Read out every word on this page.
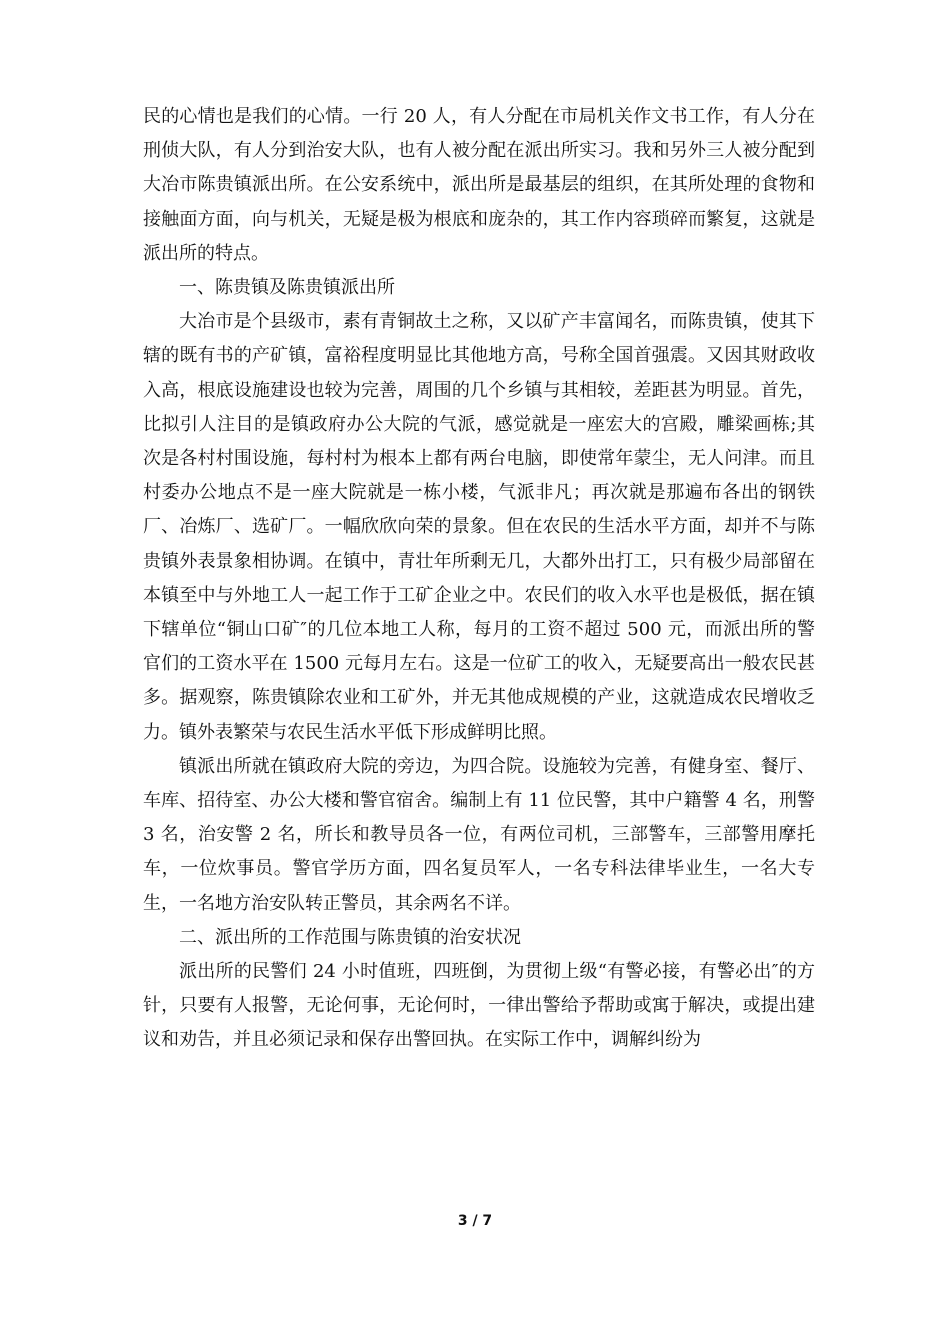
民的心情也是我们的心情。一行 20 人，有人分配在市局机关作文书工作，有人分在刑侦大队，有人分到治安大队，也有人被分配在派出所实习。我和另外三人被分配到大冶市陈贵镇派出所。在公安系统中，派出所是最基层的组织，在其所处理的食物和接触面方面，向与机关，无疑是极为根底和庞杂的，其工作内容琐碎而繁复，这就是派出所的特点。

一、陈贵镇及陈贵镇派出所

大冶市是个县级市，素有青铜故土之称，又以矿产丰富闻名，而陈贵镇，使其下辖的既有书的产矿镇，富裕程度明显比其他地方高，号称全国首强震。又因其财政收入高，根底设施建设也较为完善，周围的几个乡镇与其相较，差距甚为明显。首先，比拟引人注目的是镇政府办公大院的气派，感觉就是一座宏大的宫殿，雕梁画栋;其次是各村村围设施，每村村为根本上都有两台电脑，即使常年蒙尘，无人问津。而且村委办公地点不是一座大院就是一栋小楼，气派非凡；再次就是那遍布各出的钢铁厂、冶炼厂、选矿厂。一幅欣欣向荣的景象。但在农民的生活水平方面，却并不与陈贵镇外表景象相协调。在镇中，青壮年所剩无几，大都外出打工，只有极少局部留在本镇至中与外地工人一起工作于工矿企业之中。农民们的收入水平也是极低，据在镇下辖单位“铜山口矿″的几位本地工人称，每月的工资不超过 500 元，而派出所的警官们的工资水平在 1500 元每月左右。这是一位矿工的收入，无疑要高出一般农民甚多。据观察，陈贵镇除农业和工矿外，并无其他成规模的产业，这就造成农民增收乏力。镇外表繁荣与农民生活水平低下形成鲜明比照。

镇派出所就在镇政府大院的旁边，为四合院。设施较为完善，有健身室、餐厅、车库、招待室、办公大楼和警官宿舍。编制上有 11 位民警，其中户籍警 4 名，刑警 3 名，治安警 2 名，所长和教导员各一位，有两位司机，三部警车，三部警用摩托车，一位炊事员。警官学历方面，四名复员军人，一名专科法律毕业生，一名大专生，一名地方治安队转正警员，其余两名不详。

二、派出所的工作范围与陈贵镇的治安状况

派出所的民警们 24 小时值班，四班倒，为贯彻上级“有警必接，有警必出″的方针，只要有人报警，无论何事，无论何时，一律出警给予帮助或寓于解决，或提出建议和劝告，并且必须记录和保存出警回执。在实际工作中，调解纠纷为

3 / 7
